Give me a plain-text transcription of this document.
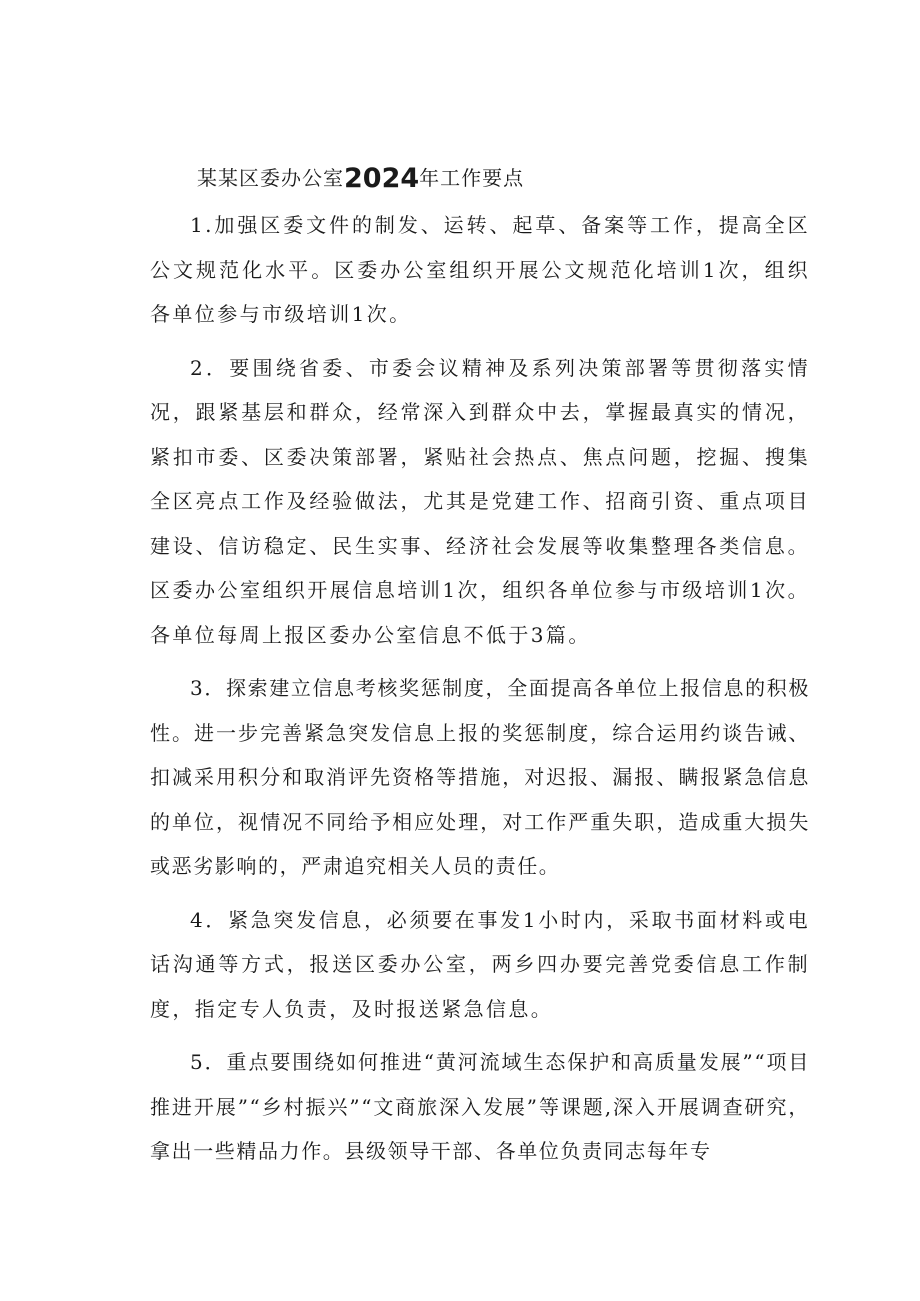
某某区委办公室2024年工作要点

1.加强区委文件的制发、运转、起草、备案等工作，提高全区公文规范化水平。区委办公室组织开展公文规范化培训1次，组织各单位参与市级培训1次。

2．要围绕省委、市委会议精神及系列决策部署等贯彻落实情况，跟紧基层和群众，经常深入到群众中去，掌握最真实的情况，紧扣市委、区委决策部署，紧贴社会热点、焦点问题，挖掘、搜集全区亮点工作及经验做法，尤其是党建工作、招商引资、重点项目建设、信访稳定、民生实事、经济社会发展等收集整理各类信息。区委办公室组织开展信息培训1次，组织各单位参与市级培训1次。各单位每周上报区委办公室信息不低于3篇。

3．探索建立信息考核奖惩制度，全面提高各单位上报信息的积极性。进一步完善紧急突发信息上报的奖惩制度，综合运用约谈告诫、扣减采用积分和取消评先资格等措施，对迟报、漏报、瞒报紧急信息的单位，视情况不同给予相应处理，对工作严重失职，造成重大损失或恶劣影响的，严肃追究相关人员的责任。

4．紧急突发信息，必须要在事发1小时内，采取书面材料或电话沟通等方式，报送区委办公室，两乡四办要完善党委信息工作制度，指定专人负责，及时报送紧急信息。

5．重点要围绕如何推进“黄河流域生态保护和高质量发展”“项目推进开展”“乡村振兴”“文商旅深入发展”等课题,深入开展调查研究，拿出一些精品力作。县级领导干部、各单位负责同志每年专
